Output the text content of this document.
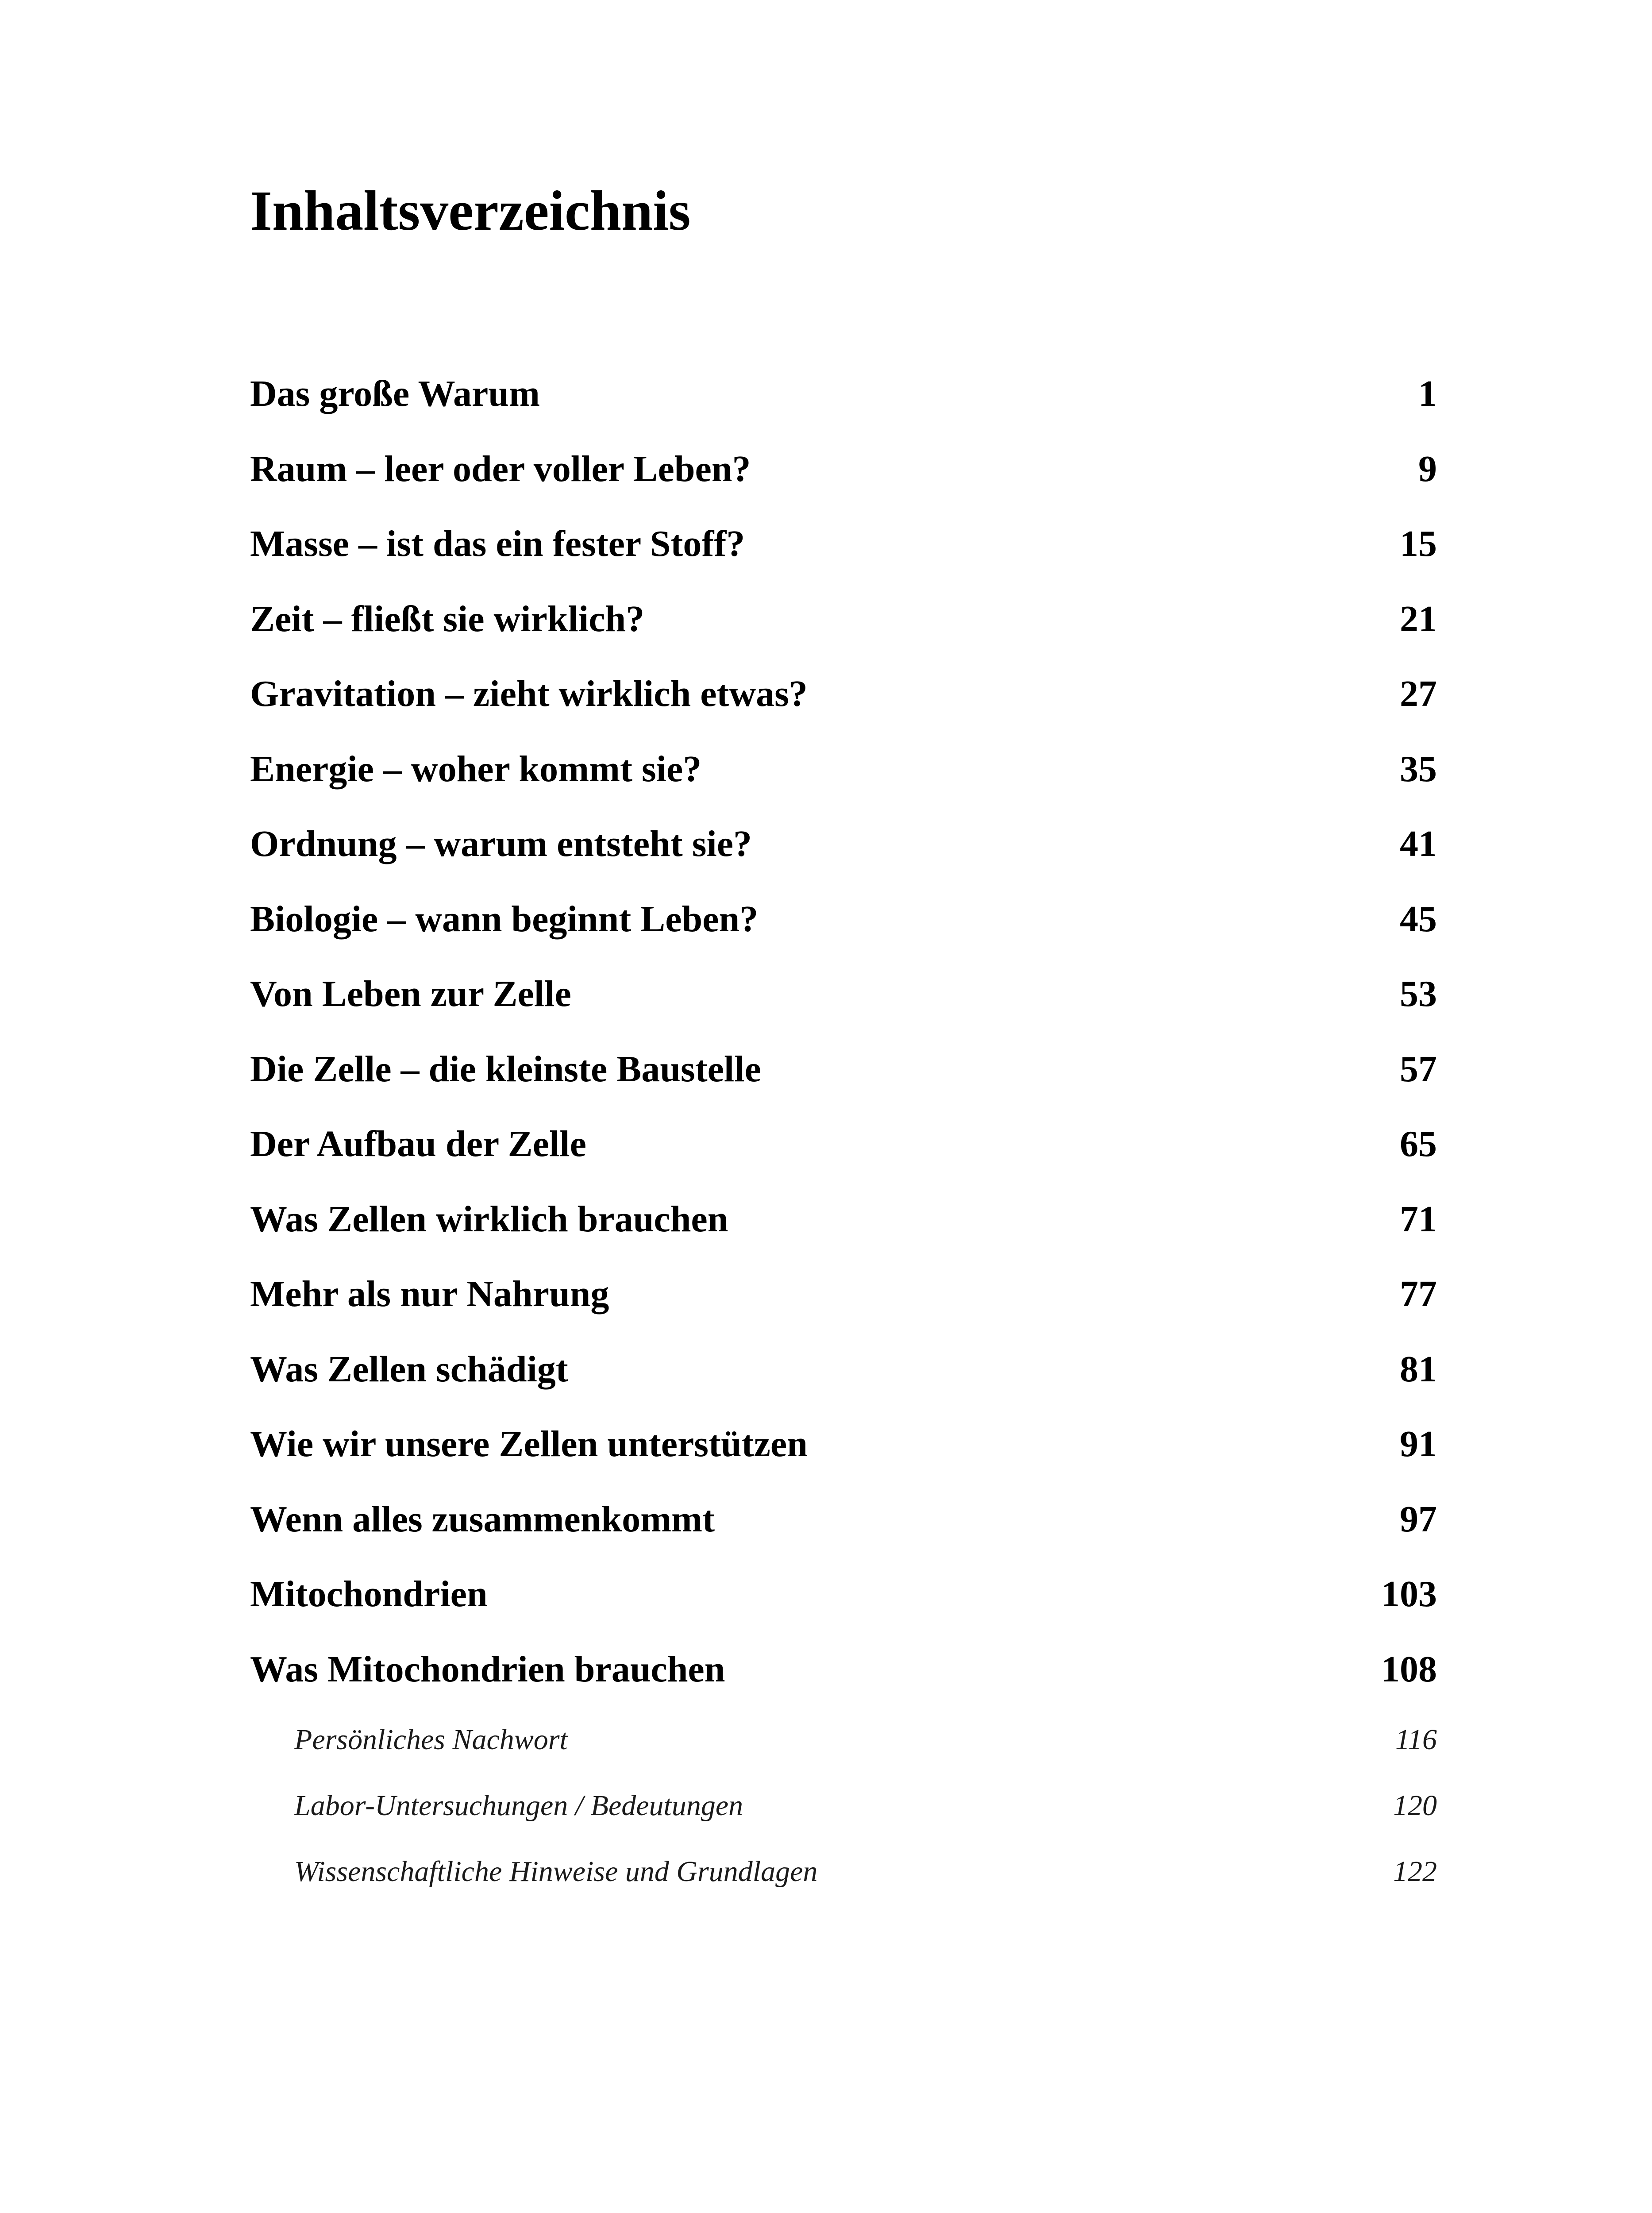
Inhaltsverzeichnis
Das große Warum	1
Raum – leer oder voller Leben?	9
Masse – ist das ein fester Stoff?	15
Zeit – fließt sie wirklich?	21
Gravitation – zieht wirklich etwas?	27
Energie – woher kommt sie?	35
Ordnung – warum entsteht sie?	41
Biologie – wann beginnt Leben?	45
Von Leben zur Zelle	53
Die Zelle – die kleinste Baustelle	57
Der Aufbau der Zelle	65
Was Zellen wirklich brauchen	71
Mehr als nur Nahrung	77
Was Zellen schädigt	81
Wie wir unsere Zellen unterstützen	91
Wenn alles zusammenkommt	97
Mitochondrien	103
Was Mitochondrien brauchen	108
Persönliches Nachwort	116
Labor-Untersuchungen / Bedeutungen	120
Wissenschaftliche Hinweise und Grundlagen	122
